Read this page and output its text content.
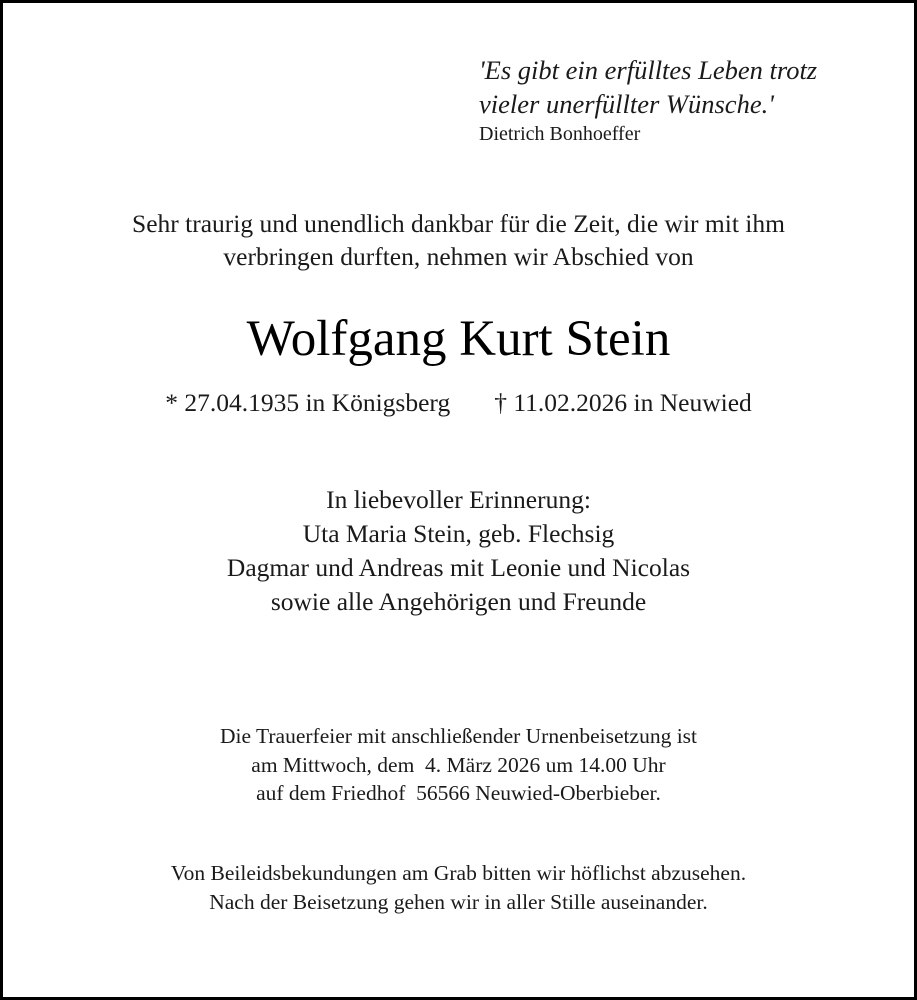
'Es gibt ein erfülltes Leben trotz
vieler unerfüllter Wünsche.'
Dietrich Bonhoeffer
Sehr traurig und unendlich dankbar für die Zeit, die wir mit ihm
verbringen durften, nehmen wir Abschied von
Wolfgang Kurt Stein
* 27.04.1935 in Königsberg † 11.02.2026 in Neuwied
In liebevoller Erinnerung:
Uta Maria Stein, geb. Flechsig
Dagmar und Andreas mit Leonie und Nicolas
sowie alle Angehörigen und Freunde
Die Trauerfeier mit anschließender Urnenbeisetzung ist
am Mittwoch, dem  4. März 2026 um 14.00 Uhr
auf dem Friedhof  56566 Neuwied-Oberbieber.
Von Beileidsbekundungen am Grab bitten wir höflichst abzusehen.
Nach der Beisetzung gehen wir in aller Stille auseinander.
